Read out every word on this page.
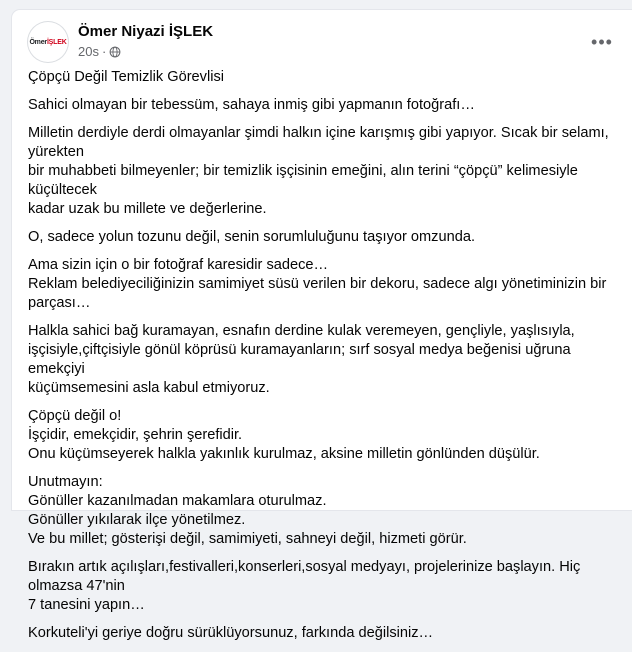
Ömer İŞLEK
Ömer Niyazi İŞLEK
20s ·	•••

Çöpçü Değil Temizlik Görevlisi

Sahici olmayan bir tebessüm, sahaya inmiş gibi yapmanın fotoğrafı…

Milletin derdiyle derdi olmayanlar şimdi halkın içine karışmış gibi yapıyor. Sıcak bir selamı, yürekten
bir muhabbeti bilmeyenler; bir temizlik işçisinin emeğini, alın terini “çöpçü” kelimesiyle küçültecek
kadar uzak bu millete ve değerlerine.

O, sadece yolun tozunu değil, senin sorumluluğunu taşıyor omzunda.

Ama sizin için o bir fotoğraf karesidir sadece…
Reklam belediyeciliğinizin samimiyet süsü verilen bir dekoru, sadece algı yönetiminizin bir parçası…

Halkla sahici bağ kuramayan, esnafın derdine kulak veremeyen, gençliyle, yaşlısıyla,
işçisiyle,çiftçisiyle gönül köprüsü kuramayanların; sırf sosyal medya beğenisi uğruna emekçiyi
küçümsemesini asla kabul etmiyoruz.

Çöpçü değil o!
İşçidir, emekçidir, şehrin şerefidir.
Onu küçümseyerek halkla yakınlık kurulmaz, aksine milletin gönlünden düşülür.

Unutmayın:
Gönüller kazanılmadan makamlara oturulmaz.
Gönüller yıkılarak ilçe yönetilmez.
Ve bu millet; gösterişi değil, samimiyeti, sahneyi değil, hizmeti görür.

Bırakın artık açılışları,festivalleri,konserleri,sosyal medyayı, projelerinize başlayın. Hiç olmazsa 47'nin
7 tanesini yapın…

Korkuteli'yi geriye doğru sürüklüyorsunuz, farkında değilsiniz…
